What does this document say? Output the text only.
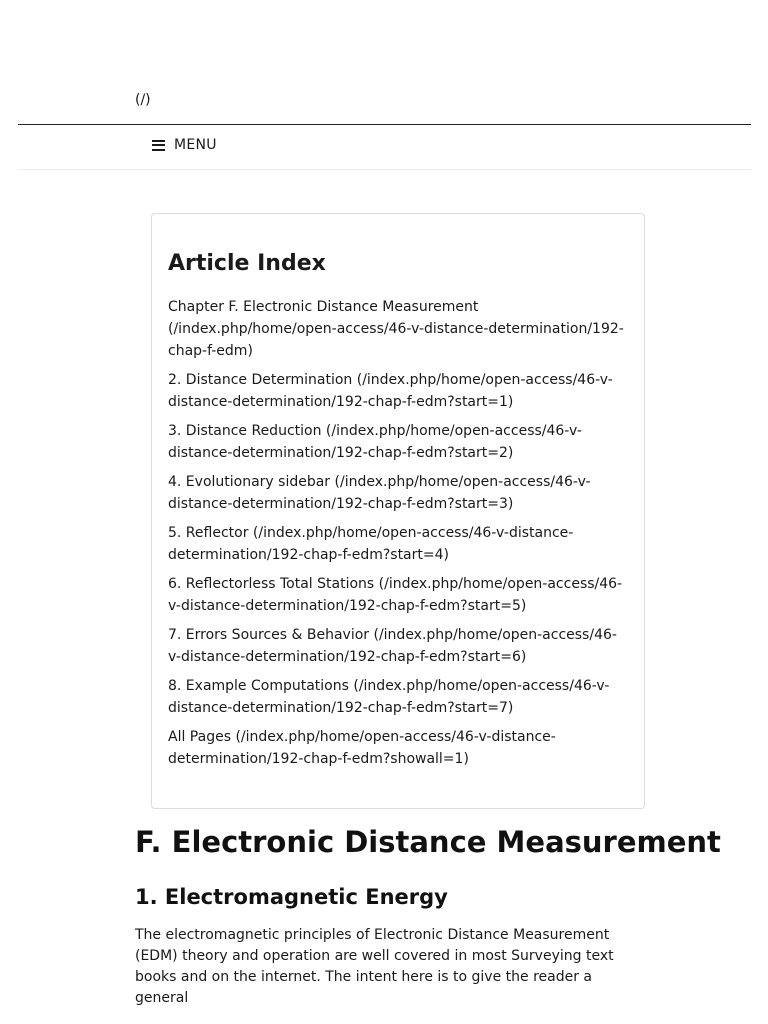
(/)
MENU
Article Index
Chapter F. Electronic Distance Measurement (/index.php/home/open-access/46-v-distance-determination/192-chap-f-edm)
2. Distance Determination (/index.php/home/open-access/46-v-distance-determination/192-chap-f-edm?start=1)
3. Distance Reduction (/index.php/home/open-access/46-v-distance-determination/192-chap-f-edm?start=2)
4. Evolutionary sidebar (/index.php/home/open-access/46-v-distance-determination/192-chap-f-edm?start=3)
5. Reflector (/index.php/home/open-access/46-v-distance-determination/192-chap-f-edm?start=4)
6. Reflectorless Total Stations (/index.php/home/open-access/46-v-distance-determination/192-chap-f-edm?start=5)
7. Errors Sources & Behavior (/index.php/home/open-access/46-v-distance-determination/192-chap-f-edm?start=6)
8. Example Computations (/index.php/home/open-access/46-v-distance-determination/192-chap-f-edm?start=7)
All Pages (/index.php/home/open-access/46-v-distance-determination/192-chap-f-edm?showall=1)
F. Electronic Distance Measurement
1. Electromagnetic Energy

The electromagnetic principles of Electronic Distance Measurement (EDM) theory and operation are well covered in most Surveying text books and on the internet. The intent here is to give the reader a general
